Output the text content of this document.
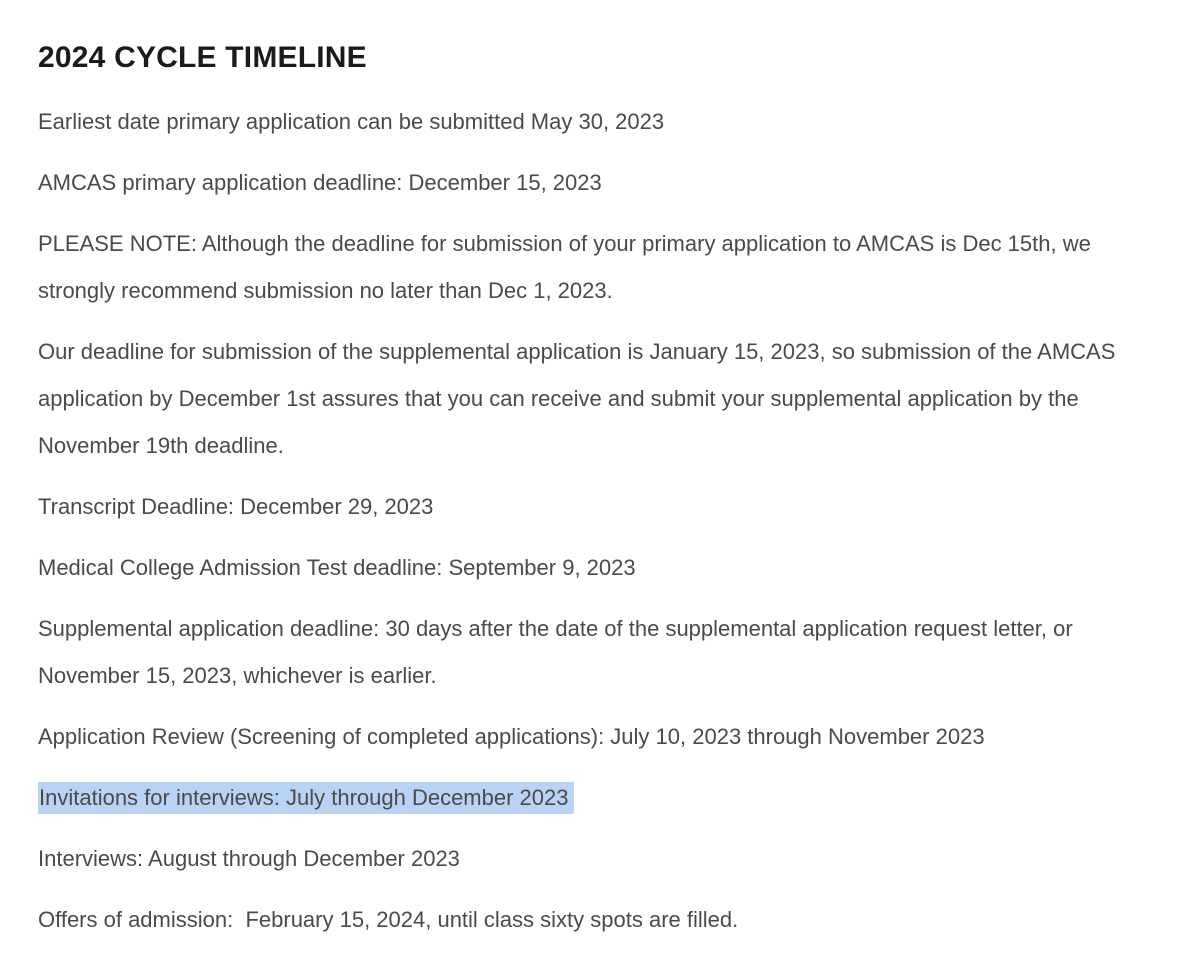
2024 CYCLE TIMELINE

Earliest date primary application can be submitted May 30, 2023

AMCAS primary application deadline: December 15, 2023

PLEASE NOTE: Although the deadline for submission of your primary application to AMCAS is Dec 15th, we strongly recommend submission no later than Dec 1, 2023.

Our deadline for submission of the supplemental application is January 15, 2023, so submission of the AMCAS application by December 1st assures that you can receive and submit your supplemental application by the November 19th deadline.

Transcript Deadline: December 29, 2023

Medical College Admission Test deadline: September 9, 2023

Supplemental application deadline: 30 days after the date of the supplemental application request letter, or November 15, 2023, whichever is earlier.

Application Review (Screening of completed applications): July 10, 2023 through November 2023

Invitations for interviews: July through December 2023

Interviews: August through December 2023

Offers of admission:  February 15, 2024, until class sixty spots are filled.
